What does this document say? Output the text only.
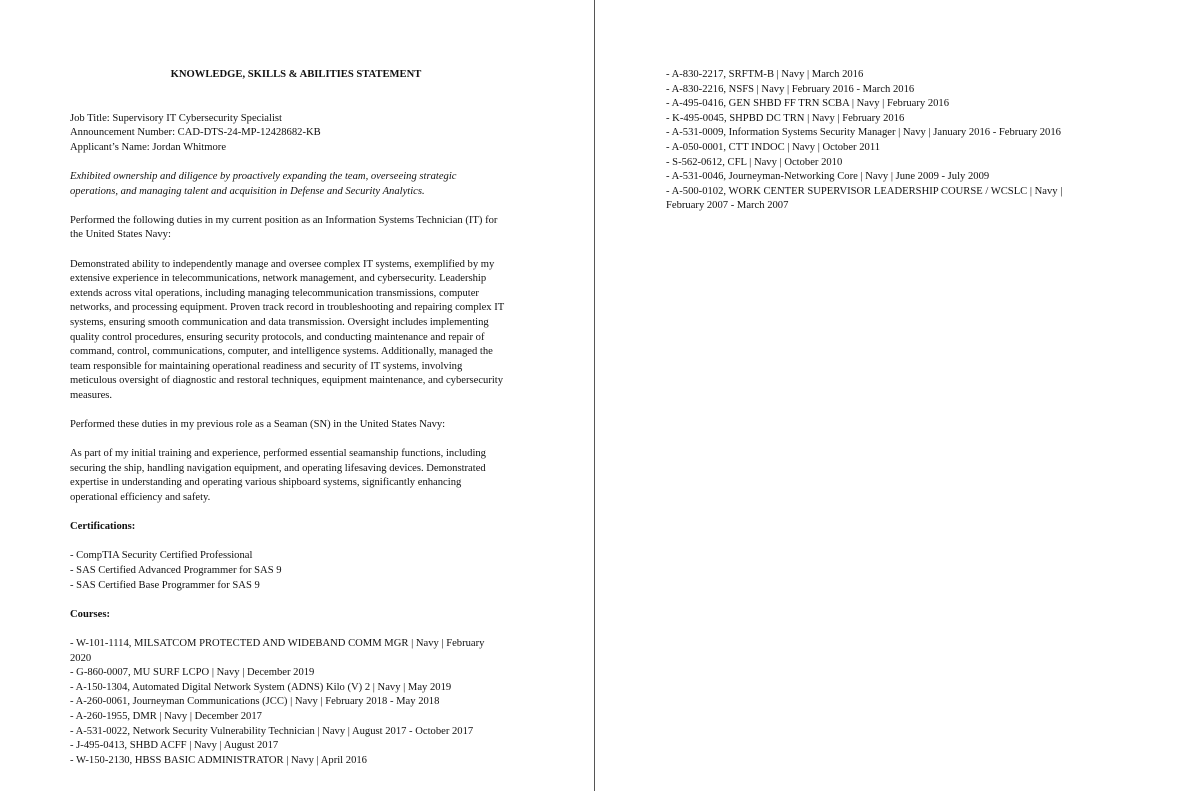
KNOWLEDGE, SKILLS & ABILITIES STATEMENT

Job Title: Supervisory IT Cybersecurity Specialist
Announcement Number: CAD-DTS-24-MP-12428682-KB
Applicant’s Name: Jordan Whitmore
Exhibited ownership and diligence by proactively expanding the team, overseeing strategic
operations, and managing talent and acquisition in Defense and Security Analytics.
Performed the following duties in my current position as an Information Systems Technician (IT) for
the United States Navy:
Demonstrated ability to independently manage and oversee complex IT systems, exemplified by my
extensive experience in telecommunications, network management, and cybersecurity. Leadership
extends across vital operations, including managing telecommunication transmissions, computer
networks, and processing equipment. Proven track record in troubleshooting and repairing complex IT
systems, ensuring smooth communication and data transmission. Oversight includes implementing
quality control procedures, ensuring security protocols, and conducting maintenance and repair of
command, control, communications, computer, and intelligence systems. Additionally, managed the
team responsible for maintaining operational readiness and security of IT systems, involving
meticulous oversight of diagnostic and restoral techniques, equipment maintenance, and cybersecurity
measures.
Performed these duties in my previous role as a Seaman (SN) in the United States Navy:
As part of my initial training and experience, performed essential seamanship functions, including
securing the ship, handling navigation equipment, and operating lifesaving devices. Demonstrated
expertise in understanding and operating various shipboard systems, significantly enhancing
operational efficiency and safety.
Certifications:
- CompTIA Security Certified Professional
- SAS Certified Advanced Programmer for SAS 9
- SAS Certified Base Programmer for SAS 9
Courses:
- W-101-1114, MILSATCOM PROTECTED AND WIDEBAND COMM MGR | Navy | February
2020
- G-860-0007, MU SURF LCPO | Navy | December 2019
- A-150-1304, Automated Digital Network System (ADNS) Kilo (V) 2 | Navy | May 2019
- A-260-0061, Journeyman Communications (JCC) | Navy | February 2018 - May 2018
- A-260-1955, DMR | Navy | December 2017
- A-531-0022, Network Security Vulnerability Technician | Navy | August 2017 - October 2017
- J-495-0413, SHBD ACFF | Navy | August 2017
- W-150-2130, HBSS BASIC ADMINISTRATOR | Navy | April 2016
- A-830-2217, SRFTM-B | Navy | March 2016
- A-830-2216, NSFS | Navy | February 2016 - March 2016
- A-495-0416, GEN SHBD FF TRN SCBA | Navy | February 2016
- K-495-0045, SHPBD DC TRN | Navy | February 2016
- A-531-0009, Information Systems Security Manager | Navy | January 2016 - February 2016
- A-050-0001, CTT INDOC | Navy | October 2011
- S-562-0612, CFL | Navy | October 2010
- A-531-0046, Journeyman-Networking Core | Navy | June 2009 - July 2009
- A-500-0102, WORK CENTER SUPERVISOR LEADERSHIP COURSE / WCSLC | Navy |
February 2007 - March 2007
